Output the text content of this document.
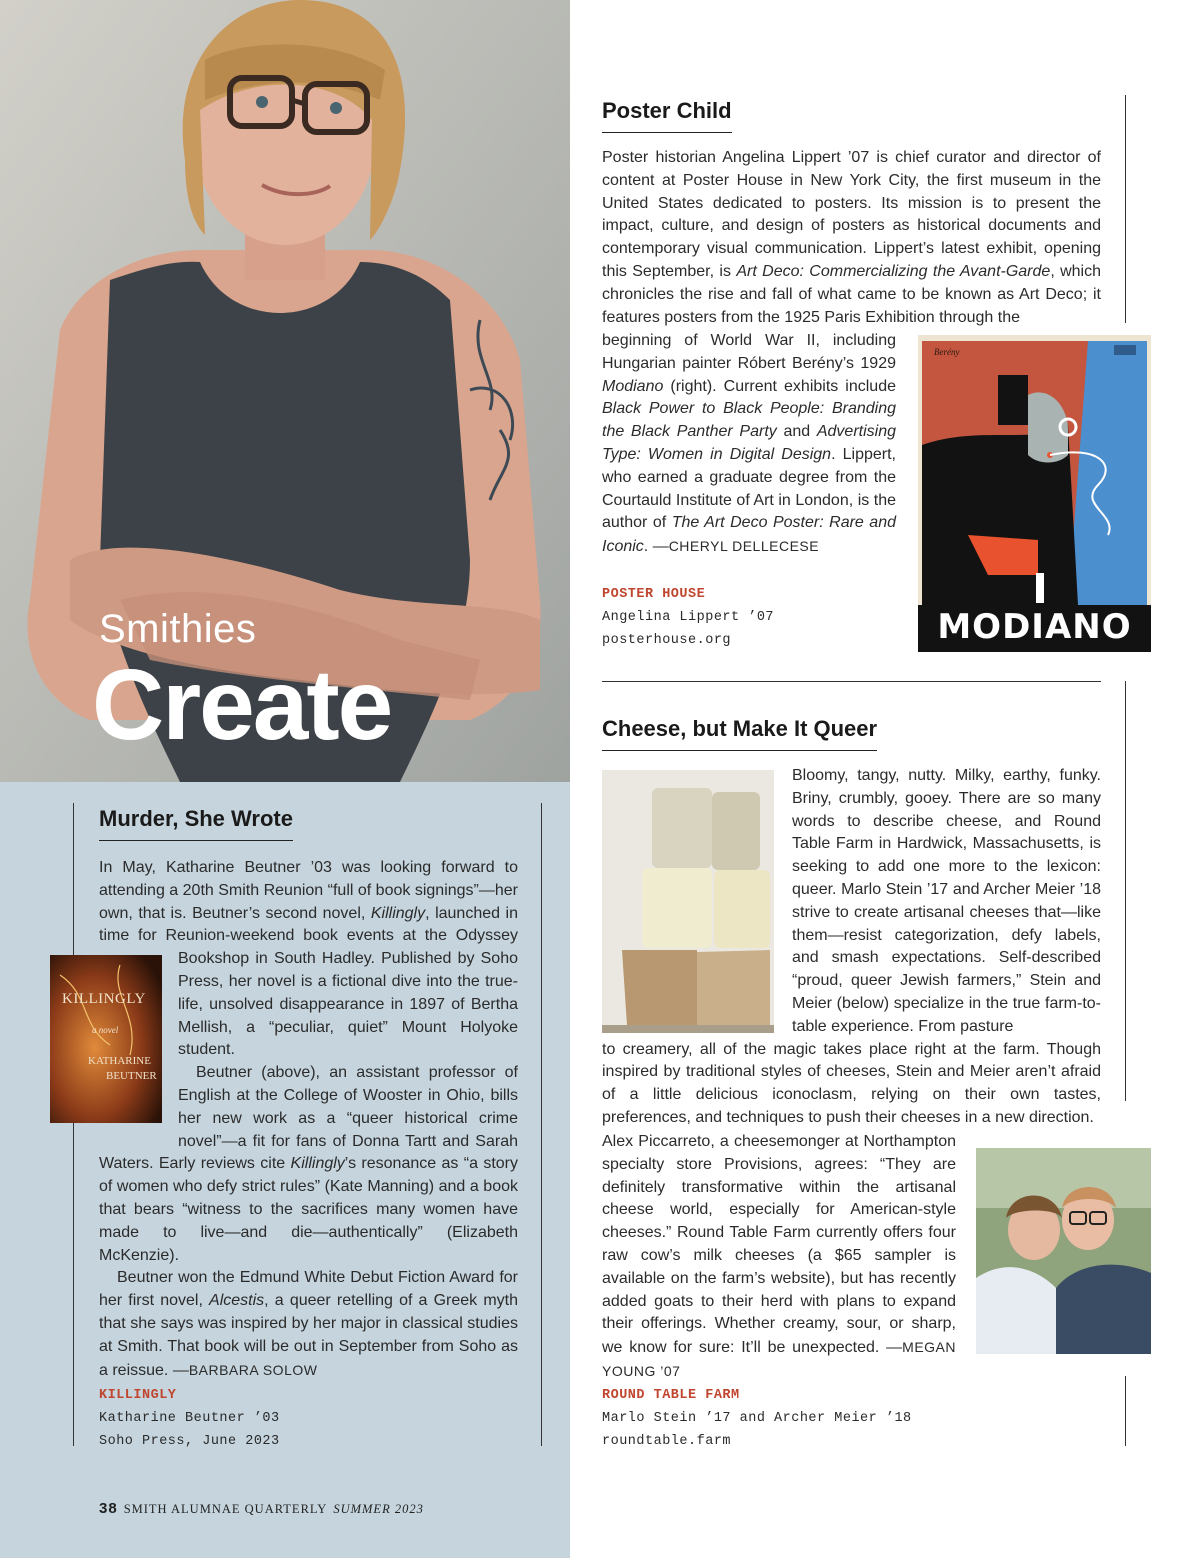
Smithies
Create
Murder, She Wrote
KILLINGLY
a novel
KATHARINE
BEUTNER

In May, Katharine Beutner ’03 was looking forward to attending a 20th Smith Reunion “full of book signings”—her own, that is. Beutner’s second novel, Killingly, launched in time for Reunion-weekend book events at the Odyssey Bookshop in South Hadley. Published by Soho Press, her novel is a fictional dive into the true-life, unsolved disappearance in 1897 of Bertha Mellish, a “peculiar, quiet” Mount Holyoke student.

Beutner (above), an assistant professor of English at the College of Wooster in Ohio, bills her new work as a “queer historical crime novel”—a fit for fans of Donna Tartt and Sarah Waters. Early reviews cite Killingly’s resonance as “a story of women who defy strict rules” (Kate Manning) and a book that bears “witness to the sacrifices many women have made to live—and die—authentically” (Elizabeth McKenzie).

Beutner won the Edmund White Debut Fiction Award for her first novel, Alcestis, a queer retelling of a Greek myth that she says was inspired by her major in classical studies at Smith. That book will be out in September from Soho as a reissue. —BARBARA SOLOW

KILLINGLY
Katharine Beutner ’03
Soho Press, June 2023
Poster Child

Poster historian Angelina Lippert ’07 is chief curator and director of content at Poster House in New York City, the first museum in the United States dedicated to posters. Its mission is to present the impact, culture, and design of posters as historical documents and contemporary visual communication. Lippert’s latest exhibit, opening this September, is Art Deco: Commercializing the Avant-Garde, which chronicles the rise and fall of what came to be known as Art Deco; it features posters from the 1925 Paris Exhibition through the

beginning of World War II, including Hungarian painter Róbert Berény’s 1929 Modiano (right). Current exhibits include Black Power to Black People: Branding the Black Panther Party and Advertising Type: Women in Digital Design. Lippert, who earned a graduate degree from the Courtauld Institute of Art in London, is the author of The Art Deco Poster: Rare and Iconic. —CHERYL DELLECESE

Berény
MODIANO
POSTER HOUSE
Angelina Lippert ’07
posterhouse.org
Cheese, but Make It Queer

Bloomy, tangy, nutty. Milky, earthy, funky. Briny, crumbly, gooey. There are so many words to describe cheese, and Round Table Farm in Hardwick, Massachusetts, is seeking to add one more to the lexicon: queer. Marlo Stein ’17 and Archer Meier ’18 strive to create artisanal cheeses that—like them—resist categorization, defy labels, and smash expectations. Self-described “proud, queer Jewish farmers,” Stein and Meier (below) specialize in the true farm-to-table experience. From pasture

to creamery, all of the magic takes place right at the farm. Though inspired by traditional styles of cheeses, Stein and Meier aren’t afraid of a little delicious iconoclasm, relying on their own tastes, preferences, and techniques to push their cheeses in a new direction.

Alex Piccarreto, a cheesemonger at Northampton specialty store Provisions, agrees: “They are definitely transformative within the artisanal cheese world, especially for American-style cheeses.” Round Table Farm currently offers four raw cow’s milk cheeses (a $65 sampler is available on the farm’s website), but has recently added goats to their herd with plans to expand their offerings. Whether creamy, sour, or sharp, we know for sure: It’ll be unexpected. —MEGAN YOUNG ’07

ROUND TABLE FARM
Marlo Stein ’17 and Archer Meier ’18
roundtable.farm
38 SMITH ALUMNAE QUARTERLY SUMMER 2023
